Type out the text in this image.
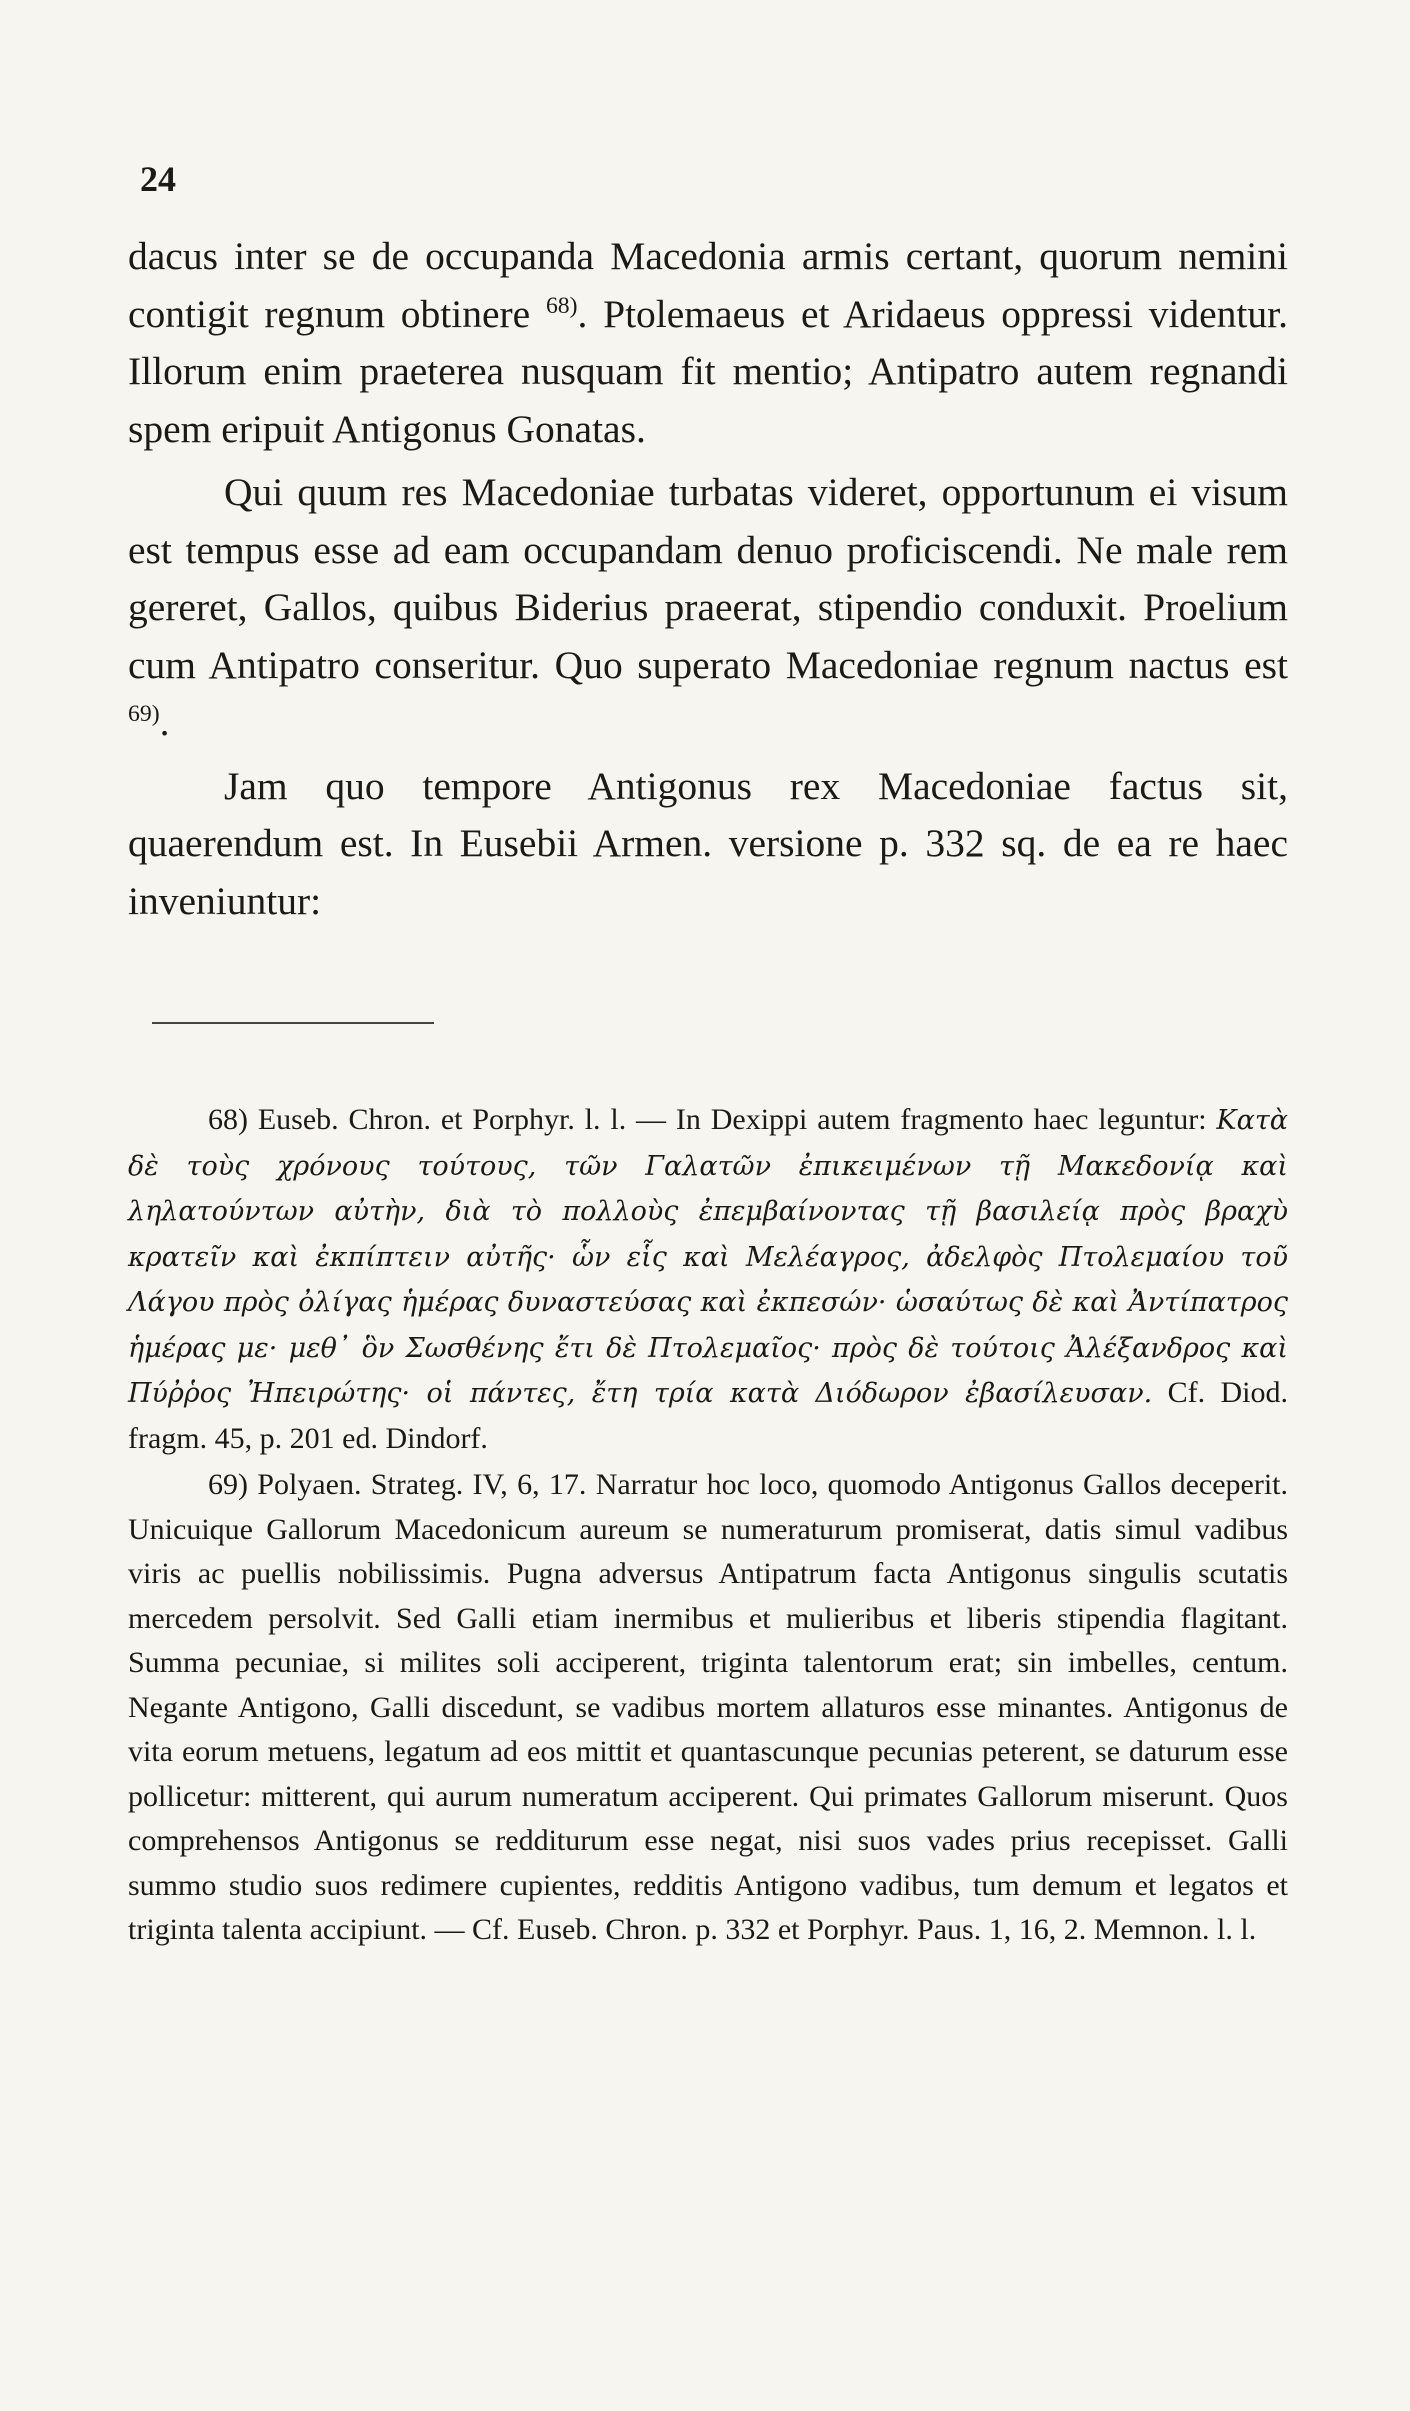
24

dacus inter se de occupanda Macedonia armis certant, quorum nemini contigit regnum obtinere $^{68)}$. Ptolemaeus et Aridaeus oppressi videntur. Illorum enim praeterea nusquam fit mentio; Antipatro autem regnandi spem eripuit Antigonus Gonatas.

Qui quum res Macedoniae turbatas videret, opportunum ei visum est tempus esse ad eam occupandam denuo proficiscendi. Ne male rem gereret, Gallos, quibus Biderius praeerat, stipendio conduxit. Proelium cum Antipatro conseritur. Quo superato Macedoniae regnum nactus est $^{69)}$.

Jam quo tempore Antigonus rex Macedoniae factus sit, quaerendum est. In Eusebii Armen. versione p. 332 sq. de ea re haec inveniuntur:

68) Euseb. Chron. et Porphyr. l. l. — In Dexippi autem fragmento haec leguntur: Κατὰ δὲ τοὺς χρόνους τούτους, τῶν Γαλατῶν ἐπικειμένων τῇ Μακεδονίᾳ καὶ ληλατούντων αὐτὴν, διὰ τὸ πολλοὺς ἐπεμβαίνοντας τῇ βασιλείᾳ πρὸς βραχὺ κρατεῖν καὶ ἐκπίπτειν αὐτῆς· ὧν εἷς καὶ Μελέαγρος, ἀδελφὸς Πτολεμαίου τοῦ Λάγου πρὸς ὀλίγας ἡμέρας δυναστεύσας καὶ ἐκπεσών· ὡσαύτως δὲ καὶ Ἀντίπατρος ἡμέρας με· μεθ᾽ ὃν Σωσθένης ἔτι δὲ Πτολεμαῖος· πρὸς δὲ τούτοις Ἀλέξανδρος καὶ Πύῤῥος Ἠπειρώτης· οἱ πάντες, ἔτη τρία κατὰ Διόδωρον ἐβασίλευσαν. Cf. Diod. fragm. 45, p. 201 ed. Dindorf.

69) Polyaen. Strateg. IV, 6, 17. Narratur hoc loco, quomodo Antigonus Gallos deceperit. Unicuique Gallorum Macedonicum aureum se numeraturum promiserat, datis simul vadibus viris ac puellis nobilissimis. Pugna adversus Antipatrum facta Antigonus singulis scutatis mercedem persolvit. Sed Galli etiam inermibus et mulieribus et liberis stipendia flagitant. Summa pecuniae, si milites soli acciperent, triginta talentorum erat; sin imbelles, centum. Negante Antigono, Galli discedunt, se vadibus mortem allaturos esse minantes. Antigonus de vita eorum metuens, legatum ad eos mittit et quantascunque pecunias peterent, se daturum esse pollicetur: mitterent, qui aurum numeratum acciperent. Qui primates Gallorum miserunt. Quos comprehensos Antigonus se redditurum esse negat, nisi suos vades prius recepisset. Galli summo studio suos redimere cupientes, redditis Antigono vadibus, tum demum et legatos et triginta talenta accipiunt. — Cf. Euseb. Chron. p. 332 et Porphyr. Paus. 1, 16, 2. Memnon. l. l.
